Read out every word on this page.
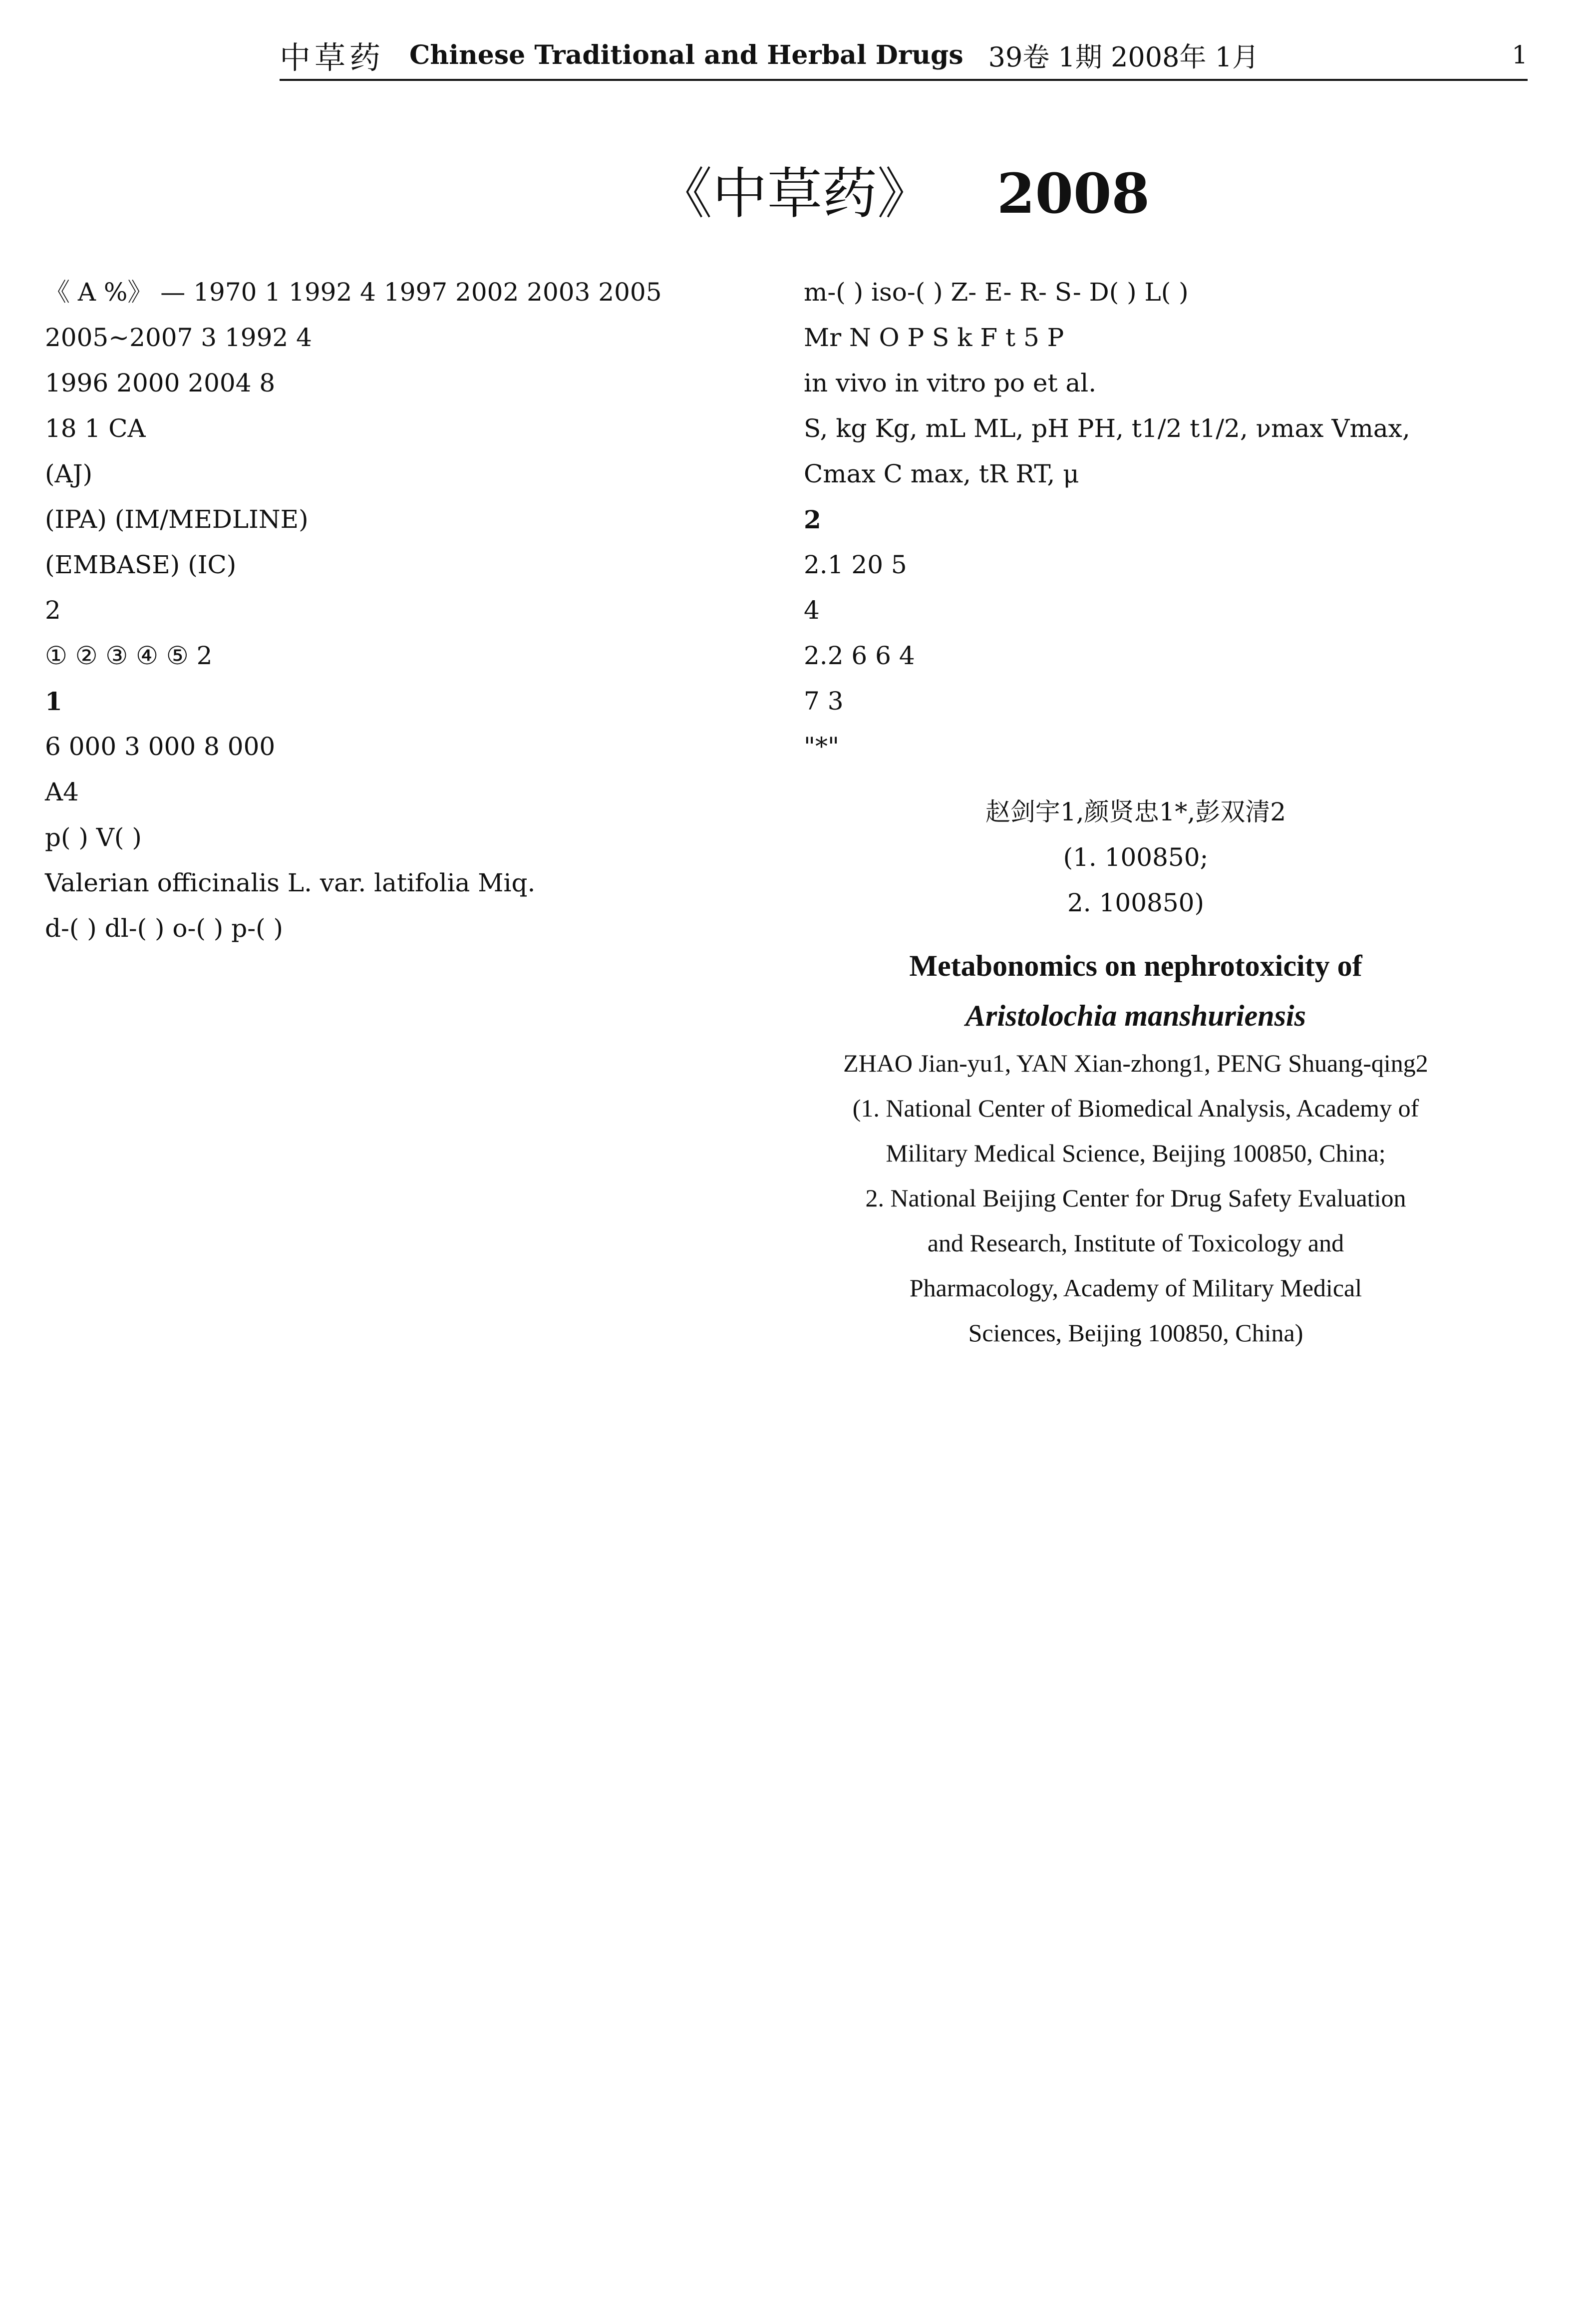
中草药 Chinese Traditional and Herbal Drugs 39卷 1期 2008年 1月	1
《中草药》 2008

《 A %》 — 1970 1 1992 4 1997 2002 2003 2005

2005~2007 3 1992 4

1996 2000 2004 8

18 1 CA

(AJ)

(IPA) (IM/MEDLINE)

(EMBASE) (IC)

2

① ② ③ ④ ⑤ 2

1

6 000 3 000 8 000

A4

p( ) V( )

Valerian officinalis L. var. latifolia Miq.

d-( ) dl-( ) o-( ) p-( )

m-( ) iso-( ) Z- E- R- S- D( ) L( )

Mr N O P S k F t 5 P

in vivo in vitro po et al.

S, kg Kg, mL ML, pH PH, t1/2 t1/2, νmax Vmax, Cmax C max, tR RT, μ

2

2.1 20 5

4

2.2 6 6 4

7 3

"*"

赵剑宇1,颜贤忠1*,彭双清2

(1. 100850;

2. 100850)

Metabonomics on nephrotoxicity of

Aristolochia manshuriensis

ZHAO Jian-yu1, YAN Xian-zhong1, PENG Shuang-qing2

(1. National Center of Biomedical Analysis, Academy of

Military Medical Science, Beijing 100850, China;

2. National Beijing Center for Drug Safety Evaluation

and Research, Institute of Toxicology and

Pharmacology, Academy of Military Medical

Sciences, Beijing 100850, China)
